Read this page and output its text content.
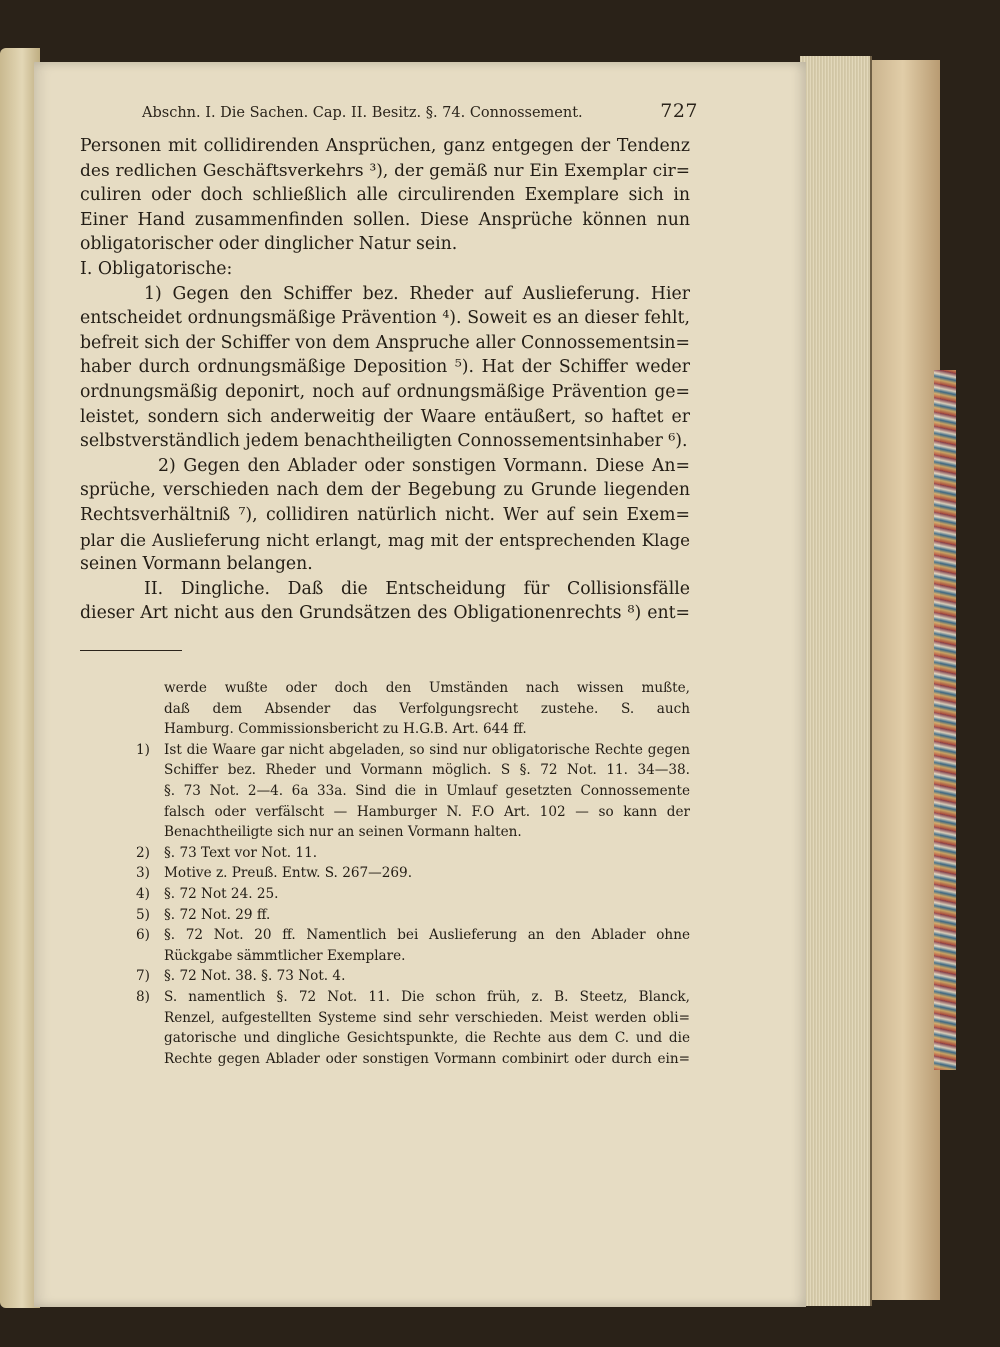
Abschn. I. Die Sachen. Cap. II. Besitz. §. 74. Connossement.	727
Personen mit collidirenden Ansprüchen, ganz entgegen der Tendenz
des redlichen Geschäftsverkehrs ³), der gemäß nur Ein Exemplar cir=
culiren oder doch schließlich alle circulirenden Exemplare sich in
Einer Hand zusammenfinden sollen. Diese Ansprüche können nun
obligatorischer oder dinglicher Natur sein.
I. Obligatorische:
1) Gegen den Schiffer bez. Rheder auf Auslieferung. Hier
entscheidet ordnungsmäßige Prävention ⁴). Soweit es an dieser fehlt,
befreit sich der Schiffer von dem Anspruche aller Connossementsin=
haber durch ordnungsmäßige Deposition ⁵). Hat der Schiffer weder
ordnungsmäßig deponirt, noch auf ordnungsmäßige Prävention ge=
leistet, sondern sich anderweitig der Waare entäußert, so haftet er
selbstverständlich jedem benachtheiligten Connossementsinhaber ⁶).
2) Gegen den Ablader oder sonstigen Vormann. Diese An=
sprüche, verschieden nach dem der Begebung zu Grunde liegenden
Rechtsverhältniß ⁷), collidiren natürlich nicht. Wer auf sein Exem=
plar die Auslieferung nicht erlangt, mag mit der entsprechenden Klage
seinen Vormann belangen.
II. Dingliche. Daß die Entscheidung für Collisionsfälle
dieser Art nicht aus den Grundsätzen des Obligationenrechts ⁸) ent=
werde wußte oder doch den Umständen nach wissen mußte,
daß dem Absender das Verfolgungsrecht zustehe. S. auch
Hamburg. Commissionsbericht zu H.G.B. Art. 644 ff.
1)	Ist die Waare gar nicht abgeladen, so sind nur obligatorische Rechte gegen
Schiffer bez. Rheder und Vormann möglich. S §. 72 Not. 11. 34—38.
§. 73 Not. 2—4. 6a 33a. Sind die in Umlauf gesetzten Connossemente
falsch oder verfälscht — Hamburger N. F.O Art. 102 — so kann der
Benachtheiligte sich nur an seinen Vormann halten.
2)	§. 73 Text vor Not. 11.
3)	Motive z. Preuß. Entw. S. 267—269.
4)	§. 72 Not 24. 25.
5)	§. 72 Not. 29 ff.
6)	§. 72 Not. 20 ff. Namentlich bei Auslieferung an den Ablader ohne
Rückgabe sämmtlicher Exemplare.
7)	§. 72 Not. 38. §. 73 Not. 4.
8)	S. namentlich §. 72 Not. 11. Die schon früh, z. B. Steetz, Blanck,
Renzel, aufgestellten Systeme sind sehr verschieden. Meist werden obli=
gatorische und dingliche Gesichtspunkte, die Rechte aus dem C. und die
Rechte gegen Ablader oder sonstigen Vormann combinirt oder durch ein=
